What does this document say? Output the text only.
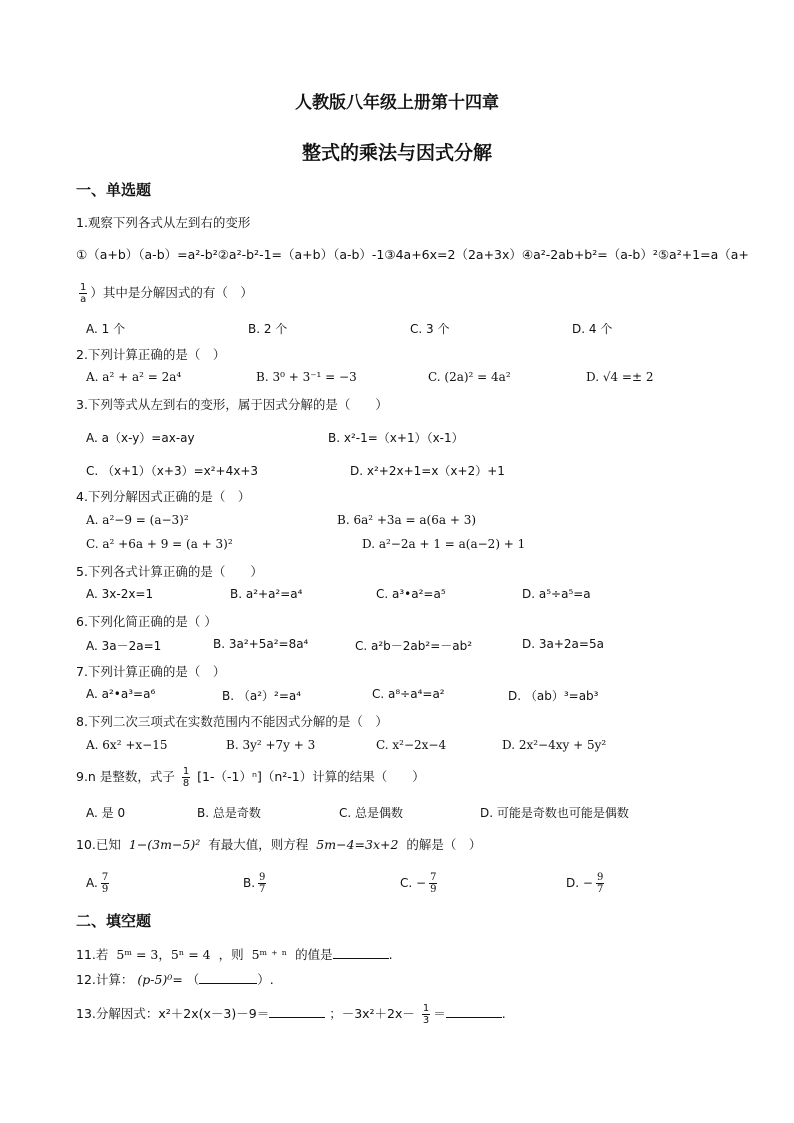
人教版八年级上册第十四章
整式的乘法与因式分解
一、单选题
1.观察下列各式从左到右的变形
①（a+b）（a-b）=a²-b²②a²-b²-1=（a+b）（a-b）-1③4a+6x=2（2a+3x）④a²-2ab+b²=（a-b）²⑤a²+1=a（a+
$\frac{1}{a}$ ）其中是分解因式的有（　）
A. 1 个	B. 2 个	C. 3 个	D. 4 个
2.下列计算正确的是（　）
A. a² + a² = 2a⁴	B. 3⁰ + 3⁻¹ = −3	C. (2a)² = 4a²	D. √4 =± 2
3.下列等式从左到右的变形，属于因式分解的是（　　）
A. a（x-y）=ax-ay	B. x²-1=（x+1）（x-1）
C. （x+1）（x+3）=x²+4x+3	D. x²+2x+1=x（x+2）+1
4.下列分解因式正确的是（　）
A. a²−9 = (a−3)²	B. 6a² +3a = a(6a + 3)
C. a² +6a + 9 = (a + 3)²	D. a²−2a + 1 = a(a−2) + 1
5.下列各式计算正确的是（　　）
A. 3x-2x=1	B. a²+a²=a⁴	C. a³•a²=a⁵	D. a⁵÷a⁵=a
6.下列化简正确的是（ ）
A. 3a－2a=1	B. 3a²+5a²=8a⁴	C. a²b－2ab²=－ab²	D. 3a+2a=5a
7.下列计算正确的是（　）
A. a²•a³=a⁶	B. （a²）²=a⁴	C. a⁸÷a⁴=a²	D. （ab）³=ab³
8.下列二次三项式在实数范围内不能因式分解的是（　）
A. 6x² +x−15	B. 3y² +7y + 3	C. x²−2x−4	D. 2x²−4xy + 5y²
9.n 是整数，式子 $\frac{1}{8} [1-(-1)^n](n^2-1)$计算的结果（　　）
A. 是 0	B. 总是奇数	C. 总是偶数	D. 可能是奇数也可能是偶数
10.已知 1−(3m−5)² 有最大值，则方程 5m−4=3x+2 的解是（　）
A. $\frac{7}{9}$	B. $\frac{9}{7}$	C. − $\frac{7}{9}$	D. − $\frac{9}{7}$
二、填空题
11.若 5ᵐ = 3，5ⁿ = 4 ，则 5ᵐ ⁺ ⁿ 的值是	.
12.计算： (p-5)⁰= （	）.
13.分解因式：x²＋2x(x－3)－9＝	；$-3x^2+2x- \frac{1}{3}$ ＝	.
